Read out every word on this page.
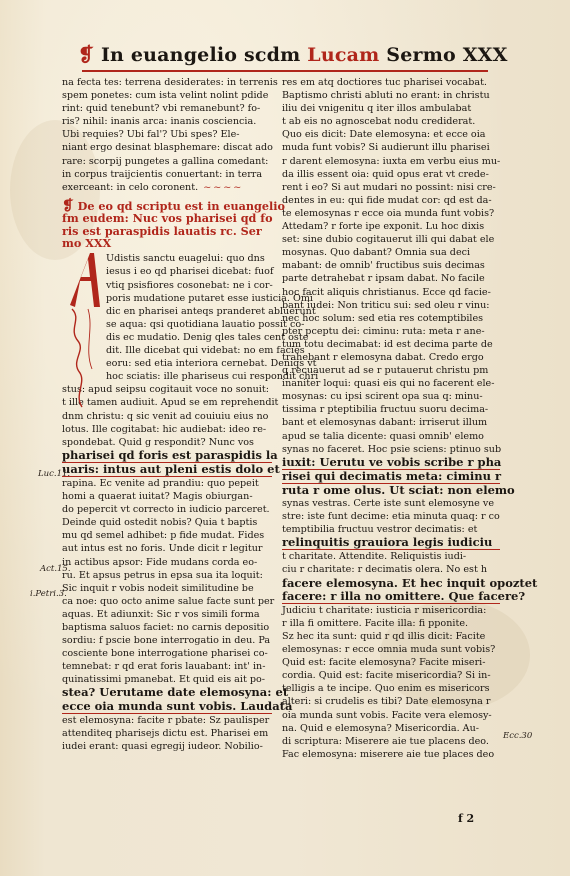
❡ In euangelio scdm Lucam Sermo XXX
na fecta tes: terrena desiderates: in terrenis
spem ponetes: cum ista velint nolint pdide
rint: quid tenebunt? vbi remanebunt? fo-
ris? nihil: inanis arca: inanis cosciencia.
Ubi requies? Ubi fal'? Ubi spes? Ele-
niant ergo desinat blasphemare: discat ado
rare: scorpij pungetes a gallina comedant:
in corpus traijcientis conuertant: in terra
exerceant: in celo coronent. ~~~~
❡ De eo qd scriptu est in euangelio
fm eudem: Nuc vos pharisei qd fo
ris est paraspidis lauatis rc. Ser
mo XXX
Udistis sanctu euagelui: quo dns
iesus i eo qd pharisei dicebat: fuof
vtiq psisfiores cosonebat: ne i cor-
poris mudatione putaret esse iusticia. Omi
dic en pharisei anteqs pranderet abluerunt
se aqua: qsi quotidiana lauatio possit co-
dis ec mudatio. Denig qles tales cent oste
dit. Ille dicebat qui videbat: no em facies
eoru: sed etia interiora cernebat. Deniqs vt
hoc sciatis: ille phariseus cui respondit chri
stus: apud seipsu cogitauit voce no sonuit:
t ille tamen audiuit. Apud se em reprehendit
dnm christu: q sic venit ad couiuiu eius no
lotus. Ille cogitabat: hic audiebat: ideo re-
spondebat. Quid g respondit? Nunc vos
pharisei qd foris est paraspidis la
uaris: intus aut pleni estis dolo et
rapina. Ec venite ad prandiu: quo pepeit
homi a quaerat iuitat? Magis obiurgan-
do pepercit vt correcto in iudicio parceret.
Deinde quid ostedit nobis? Quia t baptis
mu qd semel adhibet: p fide mudat. Fides
aut intus est no foris. Unde dicit r legitur
in actibus apsor: Fide mudans corda eo-
ru. Et apsus petrus in epsa sua ita loquit:
Sic inquit r vobis nodeit similitudine be
ca noe: quo octo anime salue facte sunt per
aquas. Et adiunxit: Sic r vos simili forma
baptisma saluos faciet: no carnis depositio
sordiu: f pscie bone interrogatio in deu. Pa
cosciente bone interrogatione pharisei co-
temnebat: r qd erat foris lauabant: int' in-
quinatissimi pmanebat. Et quid eis ait po-
stea? Uerutame date elemosyna: et
ecce oia munda sunt vobis. Laudata
est elemosyna: facite r pbate: Sz paulisper
attenditeq pharisejs dictu est. Pharisei em
iudei erant: quasi egregij iudeor. Nobilio-
Luc.11.
Act.15.
i.Petri.3.
res em atq doctiores tuc pharisei vocabat.
Baptismo christi abluti no erant: in christu
iliu dei vnigenitu q iter illos ambulabat
t ab eis no agnoscebat nodu crediderat.
Quo eis dicit: Date elemosyna: et ecce oia
muda funt vobis? Si audierunt illu pharisei
r darent elemosyna: iuxta em verbu eius mu-
da illis essent oia: quid opus erat vt crede-
rent i eo? Si aut mudari no possint: nisi cre-
dentes in eu: qui fide mudat cor: qd est da-
te elemosynas r ecce oia munda funt vobis?
Attedam? r forte ipe exponit. Lu hoc dixis
set: sine dubio cogitauerut illi qui dabat ele
mosynas. Quo dabant? Omnia sua deci
mabant: de omnib' fructibus suis decimas
parte detrahebat r ipsam dabat. No facile
hoc facit aliquis christianus. Ecce qd facie-
bant iudei: Non triticu sui: sed oleu r vinu:
nec hoc solum: sed etia res cotemptibiles
pter pceptu dei: ciminu: ruta: meta r ane-
tum totu decimabat: id est decima parte de
trahebant r elemosyna dabat. Credo ergo
q recuauerut ad se r putauerut christu pm
inaniter loqui: quasi eis qui no facerent ele-
mosynas: cu ipsi scirent opa sua q: minu-
tissima r pteptibilia fructuu suoru decima-
bant et elemosynas dabant: irriserut illum
apud se talia dicente: quasi omnib' elemo
synas no faceret. Hoc psie sciens: ptinuo sub
iuxit: Uerutu ve vobis scribe r pha
risei qui decimatis meta: ciminu r
ruta r ome olus. Ut sciat: non elemo
synas vestras. Certe iste sunt elemosyne ve
stre: iste funt decime: etia minuta quaq: r co
temptibilia fructuu vestror decimatis: et
relinquitis grauiora legis iudiciu
t charitate. Attendite. Reliquistis iudi-
ciu r charitate: r decimatis olera. No est h
facere elemosyna. Et hec inquit opoztet
facere: r illa no omittere. Que facere?
Judiciu t charitate: iusticia r misericordia:
r illa fi omittere. Facite illa: fi pponite.
Sz hec ita sunt: quid r qd illis dicit: Facite
elemosynas: r ecce omnia muda sunt vobis?
Quid est: facite elemosyna? Facite miseri-
cordia. Quid est: facite misericordia? Si in-
telligis a te incipe. Quo enim es misericors
alteri: si crudelis es tibi? Date elemosyna r
oia munda sunt vobis. Facite vera elemosy-
na. Quid e elemosyna? Misericordia. Au-
di scriptura: Miserere aie tue placens deo.
Fac elemosyna: miserere aie tue places deo
Ecc.30
f 2
